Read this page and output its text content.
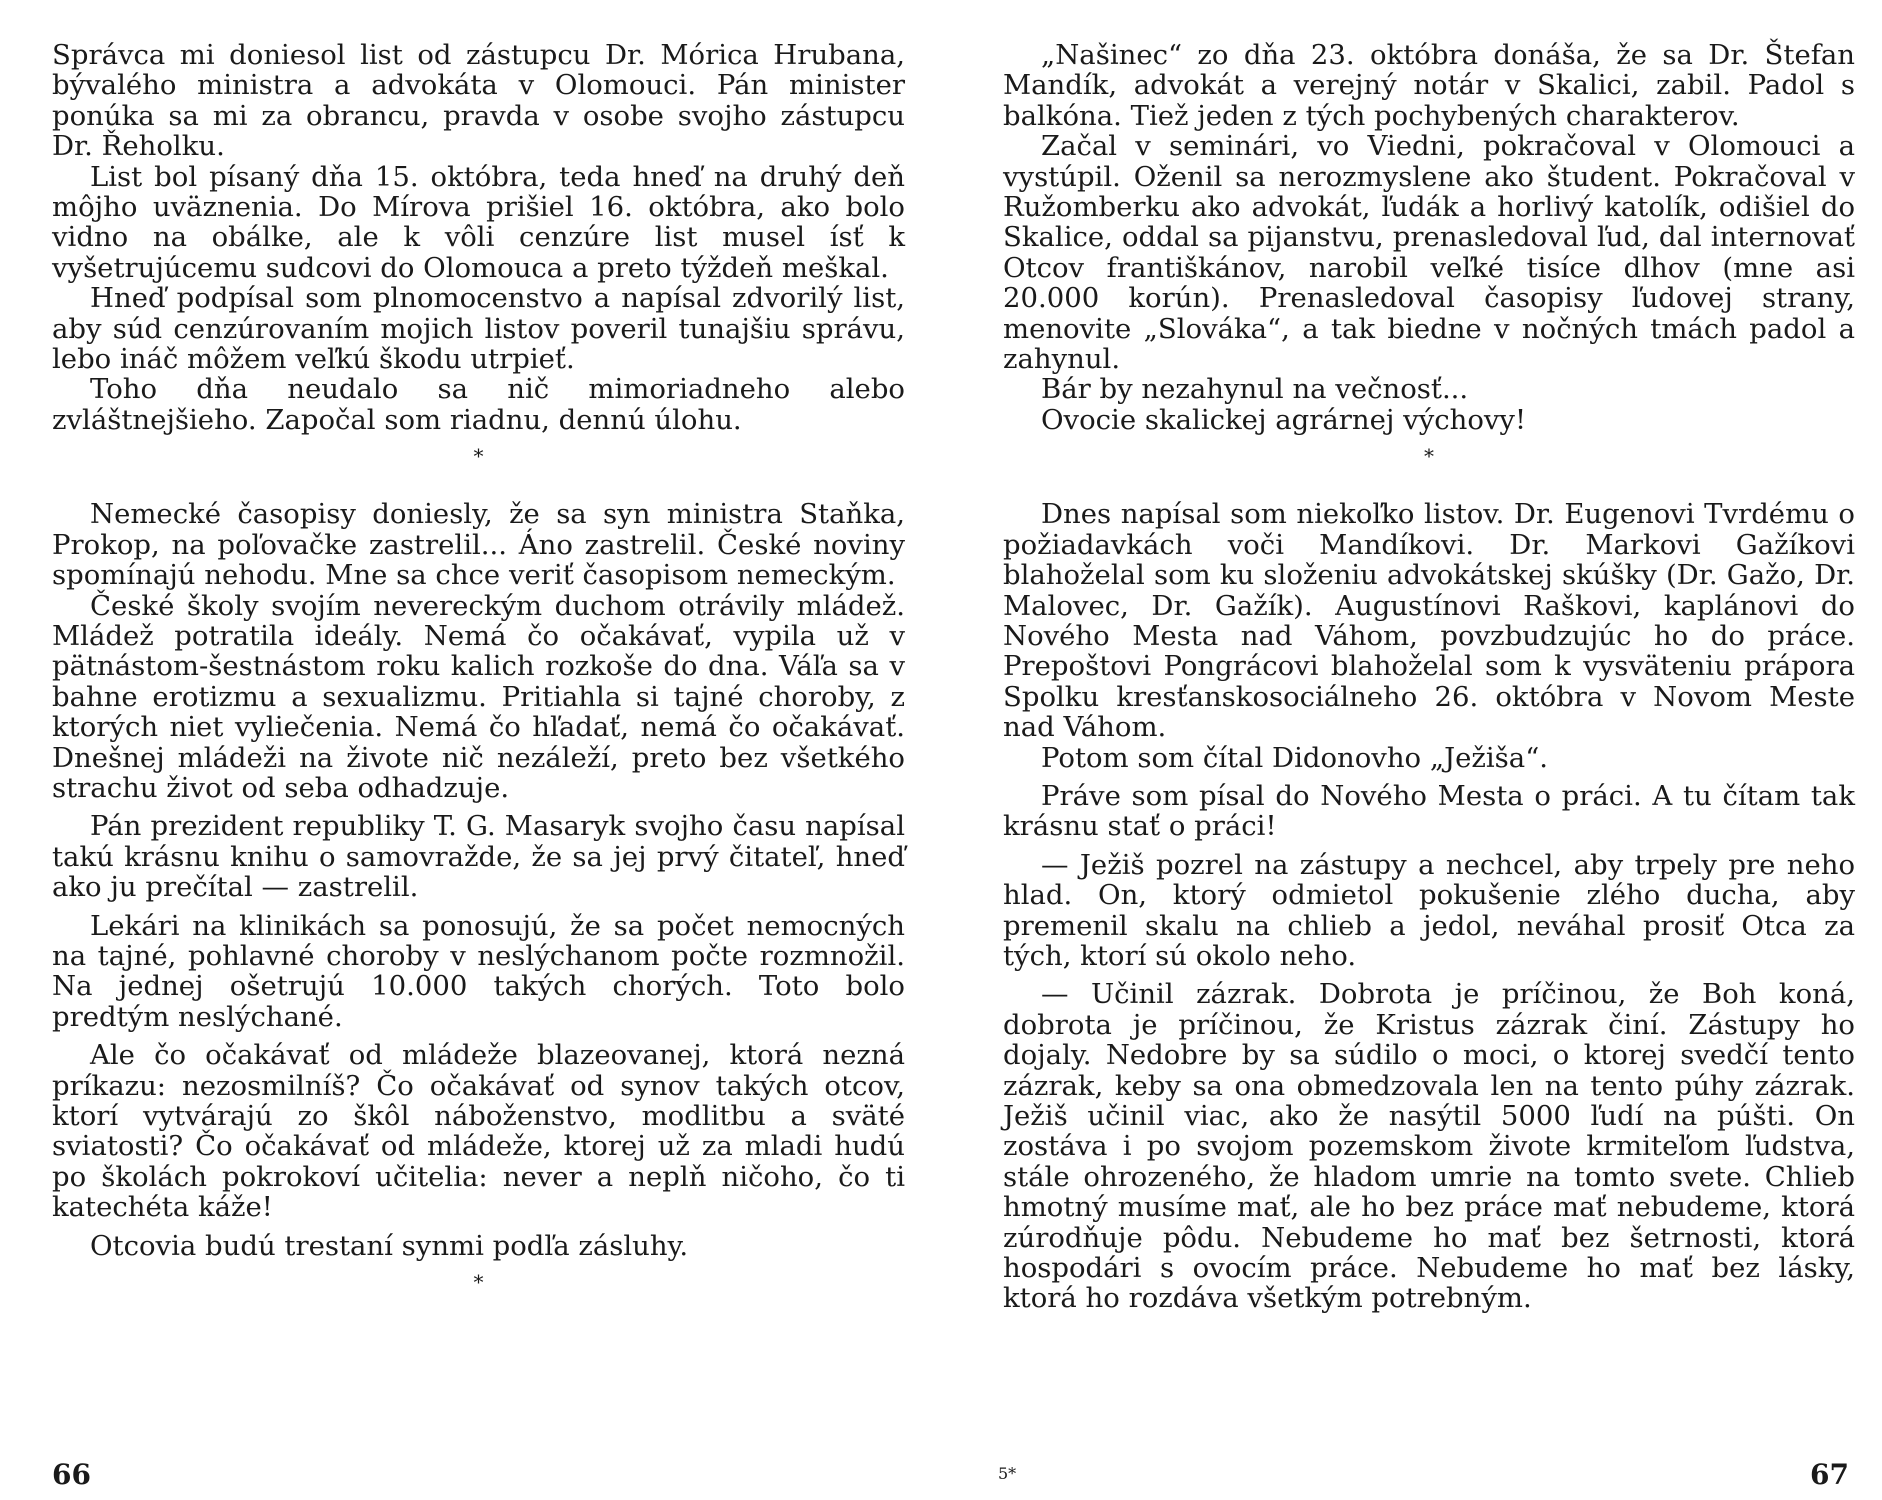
Správca mi doniesol list od zástupcu Dr. Mórica Hrubana, bývalého ministra a advokáta v Olomouci. Pán minister ponúka sa mi za obrancu, pravda v osobe svojho zástupcu Dr. Řeholku.

List bol písaný dňa 15. októbra, teda hneď na druhý deň môjho uväznenia. Do Mírova prišiel 16. októbra, ako bolo vidno na obálke, ale k vôli cenzúre list musel ísť k vyšetrujúcemu sudcovi do Olomouca a preto týždeň meškal.

Hneď podpísal som plnomocenstvo a napísal zdvorilý list, aby súd cenzúrovaním mojich listov poveril tunajšiu správu, lebo ináč môžem veľkú škodu utrpieť.

Toho dňa neudalo sa nič mimoriadneho alebo zvláštnejšieho. Započal som riadnu, dennú úlohu.

*

Nemecké časopisy doniesly, že sa syn ministra Staňka, Prokop, na poľovačke zastrelil... Áno zastrelil. České noviny spomínajú nehodu. Mne sa chce veriť časopisom nemeckým.

České školy svojím nevereckým duchom otrávily mládež. Mládež potratila ideály. Nemá čo očakávať, vypila už v pätnástom-šestnástom roku kalich rozkoše do dna. Váľa sa v bahne erotizmu a sexualizmu. Pritiahla si tajné choroby, z ktorých niet vyliečenia. Nemá čo hľadať, nemá čo očakávať. Dnešnej mládeži na živote nič nezáleží, preto bez všetkého strachu život od seba odhadzuje.

Pán prezident republiky T. G. Masaryk svojho času napísal takú krásnu knihu o samovražde, že sa jej prvý čitateľ, hneď ako ju prečítal — zastrelil.

Lekári na klinikách sa ponosujú, že sa počet nemocných na tajné, pohlavné choroby v neslýchanom počte rozmnožil. Na jednej ošetrujú 10.000 takých chorých. Toto bolo predtým neslýchané.

Ale čo očakávať od mládeže blazeovanej, ktorá nezná príkazu: nezosmilníš? Čo očakávať od synov takých otcov, ktorí vytvárajú zo škôl náboženstvo, modlitbu a sväté sviatosti? Čo očakávať od mládeže, ktorej už za mladi hudú po školách pokrokoví učitelia: never a neplň ničoho, čo ti katechéta káže!

Otcovia budú trestaní synmi podľa zásluhy.

*

„Našinec“ zo dňa 23. októbra donáša, že sa Dr. Štefan Mandík, advokát a verejný notár v Skalici, zabil. Padol s balkóna. Tiež jeden z tých pochybených charakterov.

Začal v seminári, vo Viedni, pokračoval v Olomouci a vystúpil. Oženil sa nerozmyslene ako študent. Pokračoval v Ružomberku ako advokát, ľudák a horlivý katolík, odišiel do Skalice, oddal sa pijanstvu, prenasledoval ľud, dal internovať Otcov františkánov, narobil veľké tisíce dlhov (mne asi 20.000 korún). Prenasledoval časopisy ľudovej strany, menovite „Slováka“, a tak biedne v nočných tmách padol a zahynul.

Bár by nezahynul na večnosť...

Ovocie skalickej agrárnej výchovy!

*

Dnes napísal som niekoľko listov. Dr. Eugenovi Tvrdému o požiadavkách voči Mandíkovi. Dr. Markovi Gažíkovi blahoželal som ku složeniu advokátskej skúšky (Dr. Gažo, Dr. Malovec, Dr. Gažík). Augustínovi Raškovi, kaplánovi do Nového Mesta nad Váhom, povzbudzujúc ho do práce. Prepoštovi Pongrácovi blahoželal som k vysväteniu prápora Spolku kresťanskosociálneho 26. októbra v Novom Meste nad Váhom.

Potom som čítal Didonovho „Ježiša“.

Práve som písal do Nového Mesta o práci. A tu čítam tak krásnu stať o práci!

— Ježiš pozrel na zástupy a nechcel, aby trpely pre neho hlad. On, ktorý odmietol pokušenie zlého ducha, aby premenil skalu na chlieb a jedol, neváhal prosiť Otca za tých, ktorí sú okolo neho.

— Učinil zázrak. Dobrota je príčinou, že Boh koná, dobrota je príčinou, že Kristus zázrak činí. Zástupy ho dojaly. Nedobre by sa súdilo o moci, o ktorej svedčí tento zázrak, keby sa ona obmedzovala len na tento púhy zázrak. Ježiš učinil viac, ako že nasýtil 5000 ľudí na púšti. On zostáva i po svojom pozemskom živote krmiteľom ľudstva, stále ohrozeného, že hladom umrie na tomto svete. Chlieb hmotný musíme mať, ale ho bez práce mať nebudeme, ktorá zúrodňuje pôdu. Nebudeme ho mať bez šetrnosti, ktorá hospodári s ovocím práce. Nebudeme ho mať bez lásky, ktorá ho rozdáva všetkým potrebným.

66	5*	67
